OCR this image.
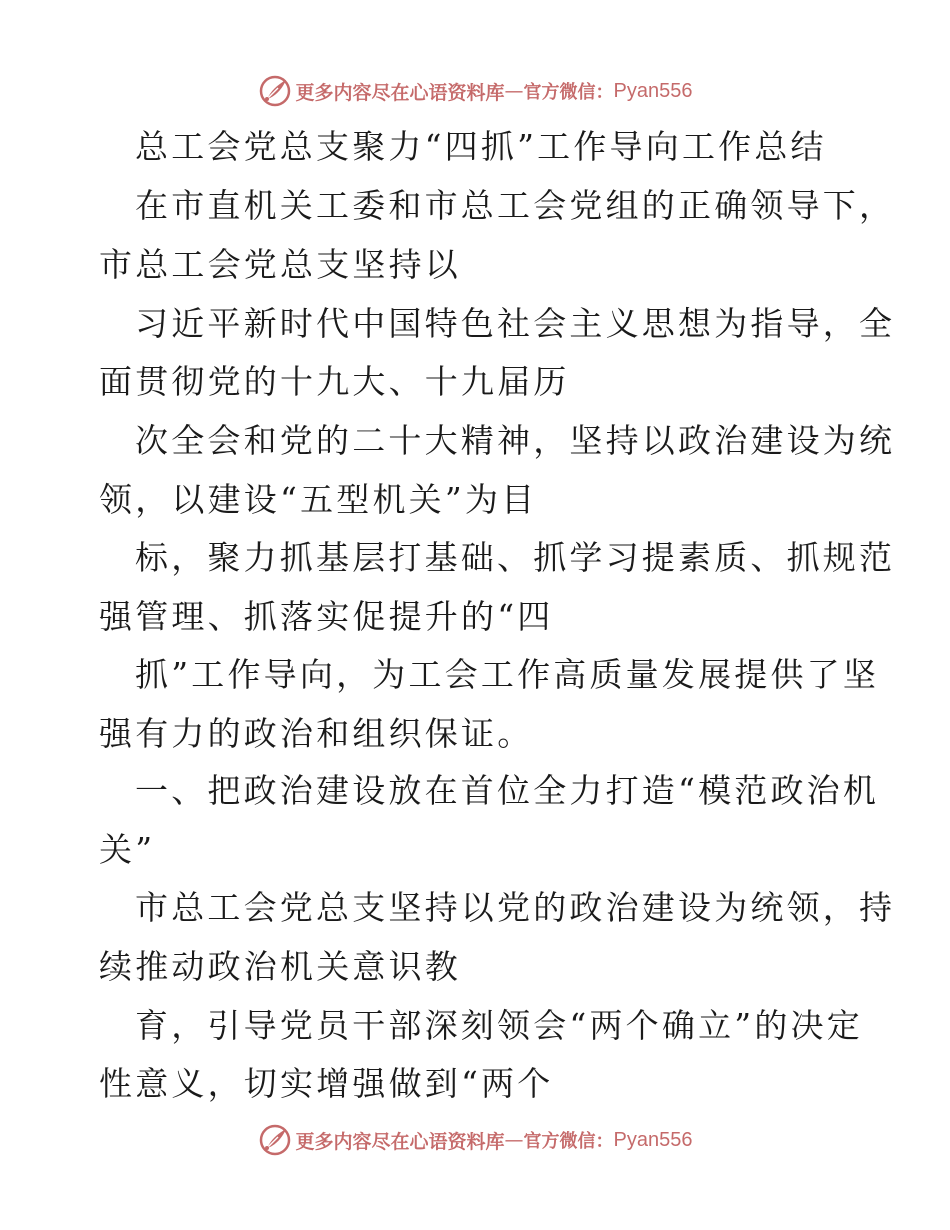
更多内容尽在心语资料库 — 官方微信： Pyan556
总工会党总支聚力“四抓”工作导向工作总结
在市直机关工委和市总工会党组的正确领导下，
市总工会党总支坚持以
习近平新时代中国特色社会主义思想为指导，全
面贯彻党的十九大、十九届历
次全会和党的二十大精神，坚持以政治建设为统
领，以建设“五型机关”为目
标，聚力抓基层打基础、抓学习提素质、抓规范
强管理、抓落实促提升的“四
抓”工作导向，为工会工作高质量发展提供了坚
强有力的政治和组织保证。
一、把政治建设放在首位全力打造“模范政治机
关”
市总工会党总支坚持以党的政治建设为统领，持
续推动政治机关意识教
育，引导党员干部深刻领会“两个确立”的决定
性意义，切实增强做到“两个
更多内容尽在心语资料库 — 官方微信： Pyan556
